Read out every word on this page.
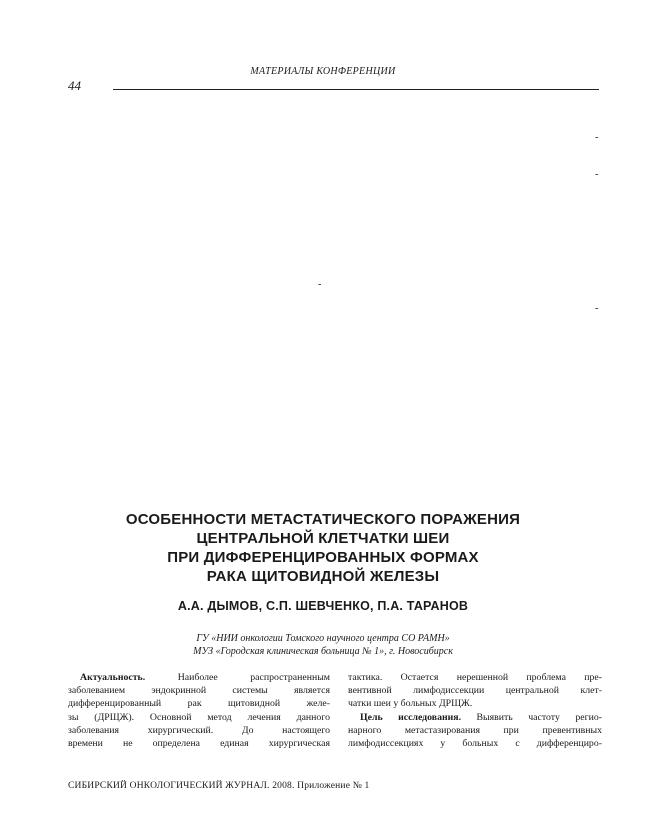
МАТЕРИАЛЫ КОНФЕРЕНЦИИ
44
-
-
-
-
ОСОБЕННОСТИ МЕТАСТАТИЧЕСКОГО ПОРАЖЕНИЯ
ЦЕНТРАЛЬНОЙ КЛЕТЧАТКИ ШЕИ
ПРИ ДИФФЕРЕНЦИРОВАННЫХ ФОРМАХ
РАКА ЩИТОВИДНОЙ ЖЕЛЕЗЫ
А.А. ДЫМОВ, С.П. ШЕВЧЕНКО, П.А. ТАРАНОВ
ГУ «НИИ онкологии Томского научного центра СО РАМН»
МУЗ «Городская клиническая больница № 1», г. Новосибирск
Актуальность. Наиболее распространенным
заболеванием эндокринной системы является
дифференцированный рак щитовидной желе-
зы (ДРЩЖ). Основной метод лечения данного
заболевания хирургический. До настоящего
времени не определена единая хирургическая
тактика. Остается нерешенной проблема пре-
вентивной лимфодиссекции центральной клет-
чатки шеи у больных ДРЩЖ.
Цель исследования. Выявить частоту регио-
нарного метастазирования при превентивных
лимфодиссекциях у больных с дифференциро-
СИБИРСКИЙ ОНКОЛОГИЧЕСКИЙ ЖУРНАЛ. 2008. Приложение № 1
